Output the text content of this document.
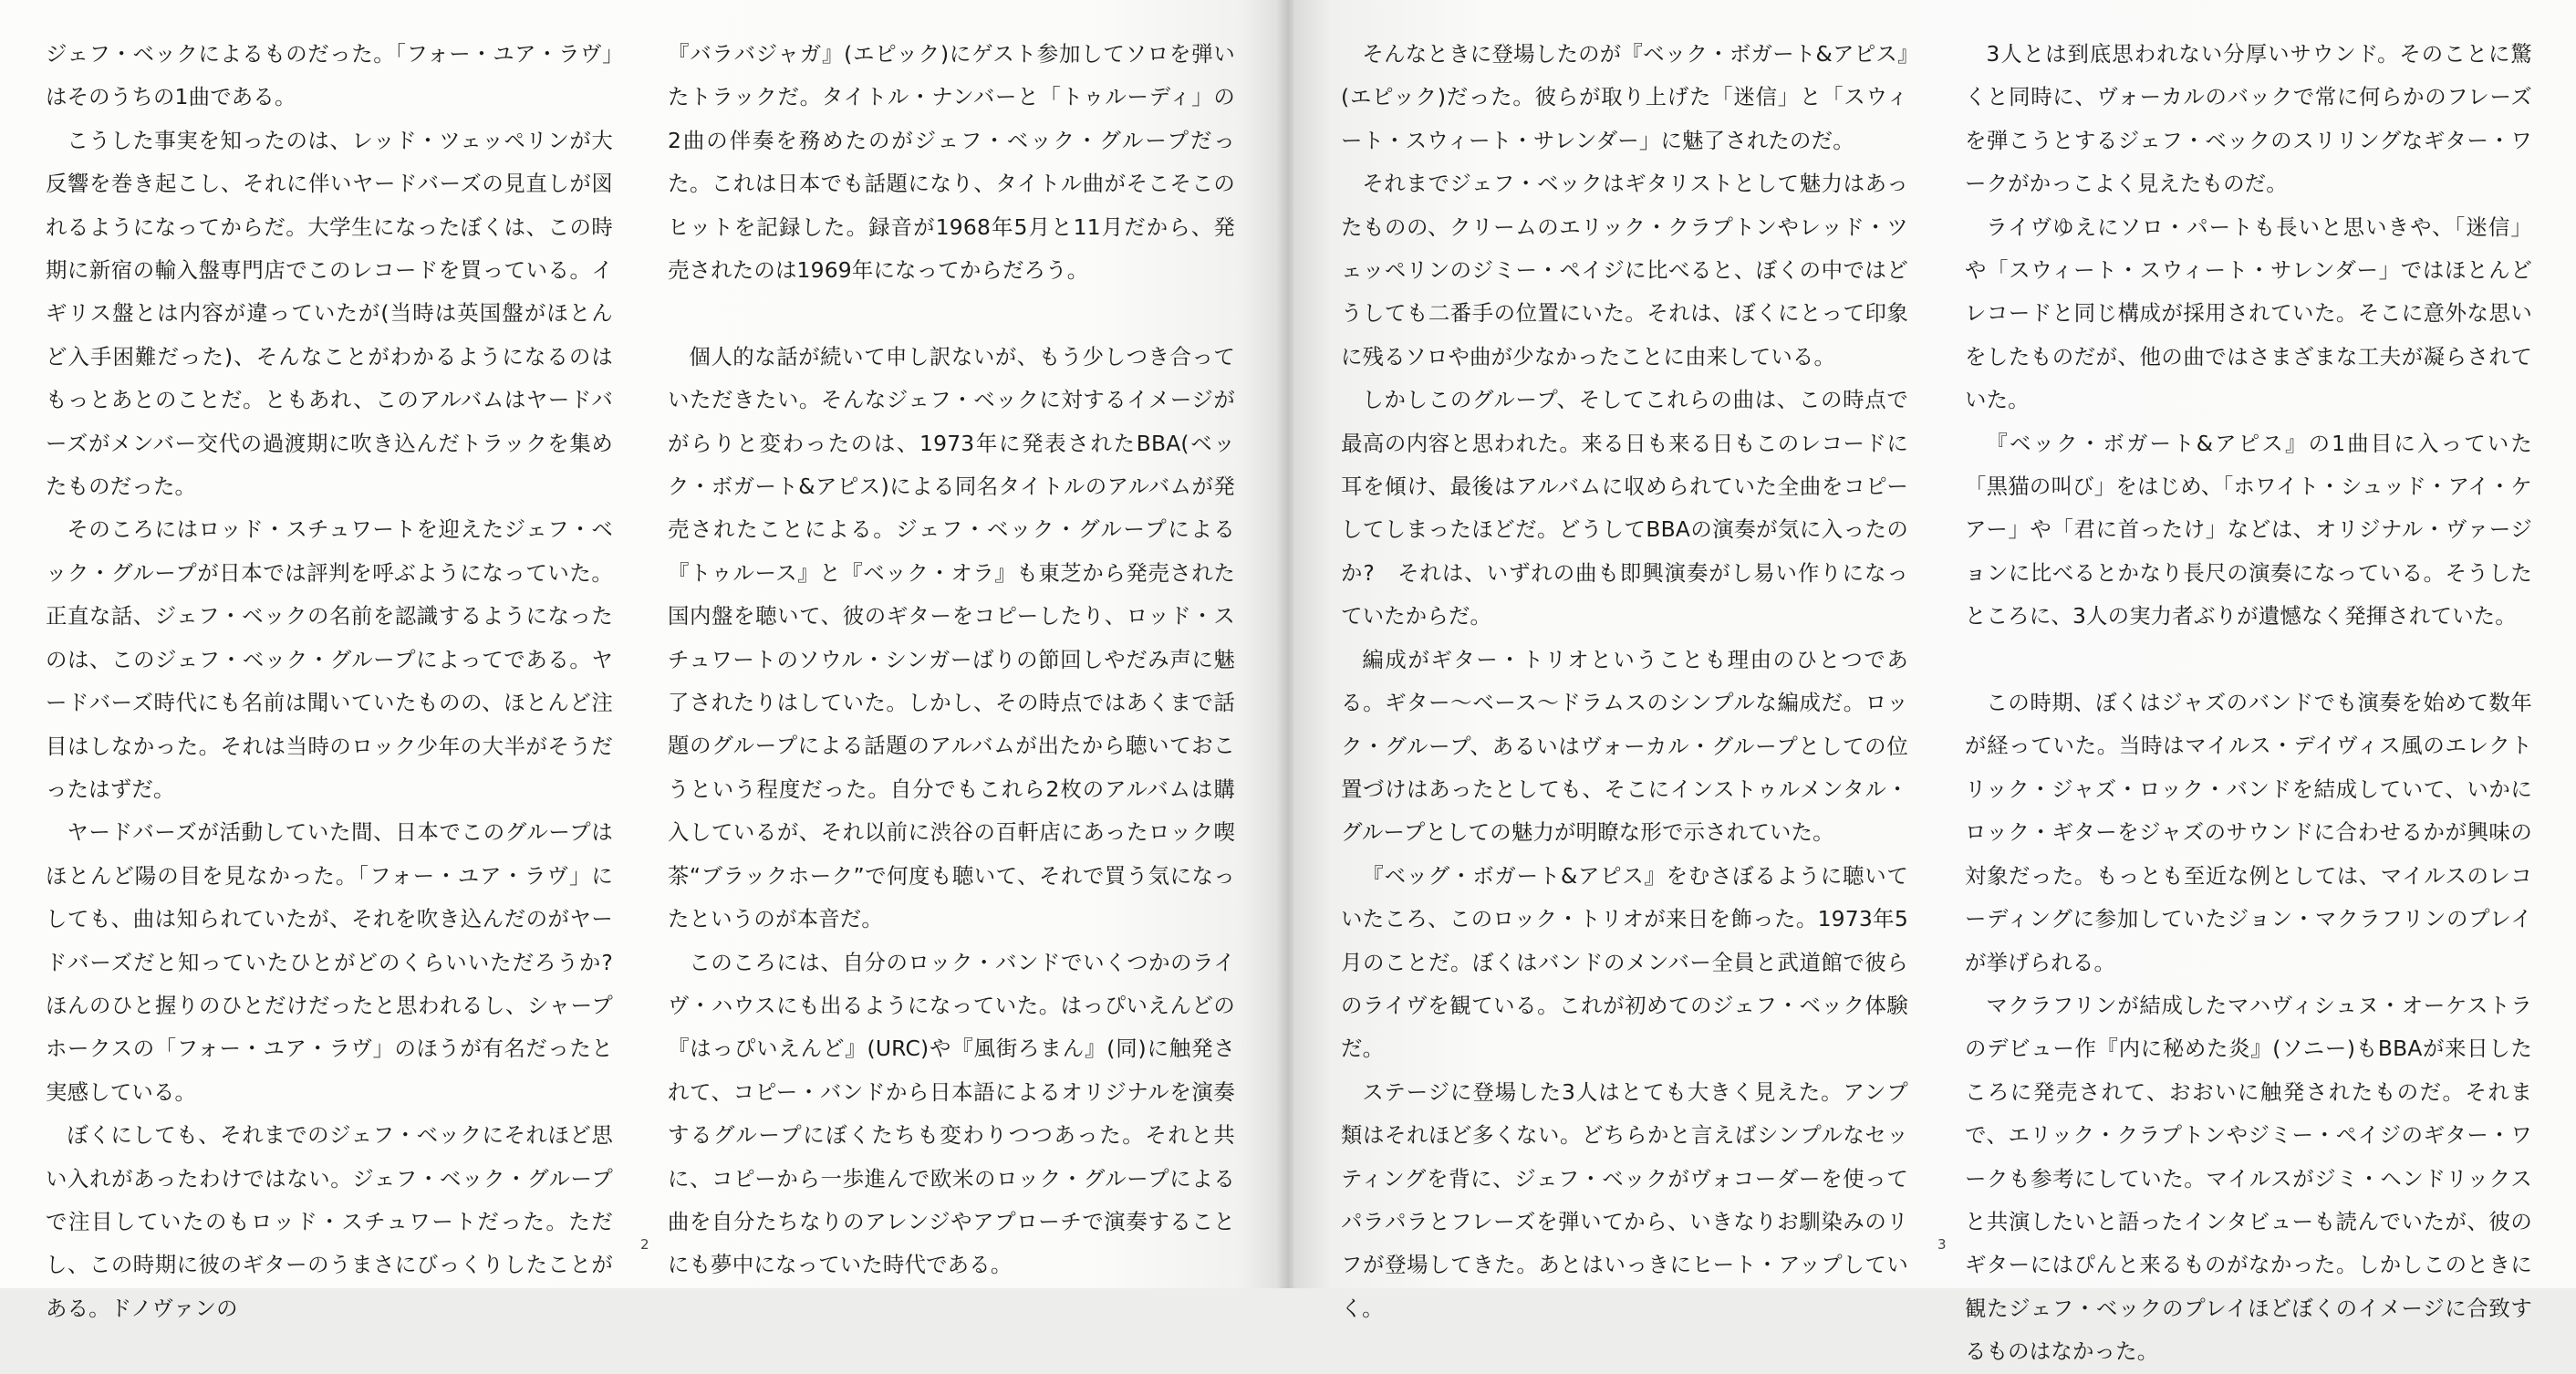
ジェフ・ベックによるものだった。「フォー・ユア・ラヴ」はそのうちの1曲である。

こうした事実を知ったのは、レッド・ツェッペリンが大反響を巻き起こし、それに伴いヤードバーズの見直しが図れるようになってからだ。大学生になったぼくは、この時期に新宿の輸入盤専門店でこのレコードを買っている。イギリス盤とは内容が違っていたが(当時は英国盤がほとんど入手困難だった)、そんなことがわかるようになるのはもっとあとのことだ。ともあれ、このアルバムはヤードバーズがメンバー交代の過渡期に吹き込んだトラックを集めたものだった。

そのころにはロッド・スチュワートを迎えたジェフ・ベック・グループが日本では評判を呼ぶようになっていた。正直な話、ジェフ・ベックの名前を認識するようになったのは、このジェフ・ベック・グループによってである。ヤードバーズ時代にも名前は聞いていたものの、ほとんど注目はしなかった。それは当時のロック少年の大半がそうだったはずだ。

ヤードバーズが活動していた間、日本でこのグループはほとんど陽の目を見なかった。「フォー・ユア・ラヴ」にしても、曲は知られていたが、それを吹き込んだのがヤードバーズだと知っていたひとがどのくらいいただろうか?　ほんのひと握りのひとだけだったと思われるし、シャープホークスの「フォー・ユア・ラヴ」のほうが有名だったと実感している。

ぼくにしても、それまでのジェフ・ベックにそれほど思い入れがあったわけではない。ジェフ・ベック・グループで注目していたのもロッド・スチュワートだった。ただし、この時期に彼のギターのうまさにびっくりしたことがある。ドノヴァンの

『バラバジャガ』(エピック)にゲスト参加してソロを弾いたトラックだ。タイトル・ナンバーと「トゥルーディ」の2曲の伴奏を務めたのがジェフ・ベック・グループだった。これは日本でも話題になり、タイトル曲がそこそこのヒットを記録した。録音が1968年5月と11月だから、発売されたのは1969年になってからだろう。

個人的な話が続いて申し訳ないが、もう少しつき合っていただきたい。そんなジェフ・ベックに対するイメージががらりと変わったのは、1973年に発表されたBBA(ベック・ボガート&アピス)による同名タイトルのアルバムが発売されたことによる。ジェフ・ベック・グループによる『トゥルース』と『ベック・オラ』も東芝から発売された国内盤を聴いて、彼のギターをコピーしたり、ロッド・スチュワートのソウル・シンガーばりの節回しやだみ声に魅了されたりはしていた。しかし、その時点ではあくまで話題のグループによる話題のアルバムが出たから聴いておこうという程度だった。自分でもこれら2枚のアルバムは購入しているが、それ以前に渋谷の百軒店にあったロック喫茶“ブラックホーク”で何度も聴いて、それで買う気になったというのが本音だ。

このころには、自分のロック・バンドでいくつかのライヴ・ハウスにも出るようになっていた。はっぴいえんどの『はっぴいえんど』(URC)や『風街ろまん』(同)に触発されて、コピー・バンドから日本語によるオリジナルを演奏するグループにぼくたちも変わりつつあった。それと共に、コピーから一歩進んで欧米のロック・グループによる曲を自分たちなりのアレンジやアプローチで演奏することにも夢中になっていた時代である。

2

そんなときに登場したのが『ベック・ボガート&アピス』(エピック)だった。彼らが取り上げた「迷信」と「スウィート・スウィート・サレンダー」に魅了されたのだ。

それまでジェフ・ベックはギタリストとして魅力はあったものの、クリームのエリック・クラプトンやレッド・ツェッペリンのジミー・ペイジに比べると、ぼくの中ではどうしても二番手の位置にいた。それは、ぼくにとって印象に残るソロや曲が少なかったことに由来している。

しかしこのグループ、そしてこれらの曲は、この時点で最高の内容と思われた。来る日も来る日もこのレコードに耳を傾け、最後はアルバムに収められていた全曲をコピーしてしまったほどだ。どうしてBBAの演奏が気に入ったのか?　それは、いずれの曲も即興演奏がし易い作りになっていたからだ。

編成がギター・トリオということも理由のひとつである。ギター〜ベース〜ドラムスのシンプルな編成だ。ロック・グループ、あるいはヴォーカル・グループとしての位置づけはあったとしても、そこにインストゥルメンタル・グループとしての魅力が明瞭な形で示されていた。

『ベッグ・ボガート&アピス』をむさぼるように聴いていたころ、このロック・トリオが来日を飾った。1973年5月のことだ。ぼくはバンドのメンバー全員と武道館で彼らのライヴを観ている。これが初めてのジェフ・ベック体験だ。

ステージに登場した3人はとても大きく見えた。アンプ類はそれほど多くない。どちらかと言えばシンプルなセッティングを背に、ジェフ・ベックがヴォコーダーを使ってパラパラとフレーズを弾いてから、いきなりお馴染みのリフが登場してきた。あとはいっきにヒート・アップしていく。

3人とは到底思われない分厚いサウンド。そのことに驚くと同時に、ヴォーカルのバックで常に何らかのフレーズを弾こうとするジェフ・ベックのスリリングなギター・ワークがかっこよく見えたものだ。

ライヴゆえにソロ・パートも長いと思いきや、「迷信」や「スウィート・スウィート・サレンダー」ではほとんどレコードと同じ構成が採用されていた。そこに意外な思いをしたものだが、他の曲ではさまざまな工夫が凝らされていた。

『ベック・ボガート&アピス』の1曲目に入っていた「黒猫の叫び」をはじめ、「ホワイト・シュッド・アイ・ケアー」や「君に首ったけ」などは、オリジナル・ヴァージョンに比べるとかなり長尺の演奏になっている。そうしたところに、3人の実力者ぶりが遺憾なく発揮されていた。

この時期、ぼくはジャズのバンドでも演奏を始めて数年が経っていた。当時はマイルス・デイヴィス風のエレクトリック・ジャズ・ロック・バンドを結成していて、いかにロック・ギターをジャズのサウンドに合わせるかが興味の対象だった。もっとも至近な例としては、マイルスのレコーディングに参加していたジョン・マクラフリンのプレイが挙げられる。

マクラフリンが結成したマハヴィシュヌ・オーケストラのデビュー作『内に秘めた炎』(ソニー)もBBAが来日したころに発売されて、おおいに触発されたものだ。それまで、エリック・クラプトンやジミー・ペイジのギター・ワークも参考にしていた。マイルスがジミ・ヘンドリックスと共演したいと語ったインタビューも読んでいたが、彼のギターにはぴんと来るものがなかった。しかしこのときに観たジェフ・ベックのプレイほどぼくのイメージに合致するものはなかった。

3
